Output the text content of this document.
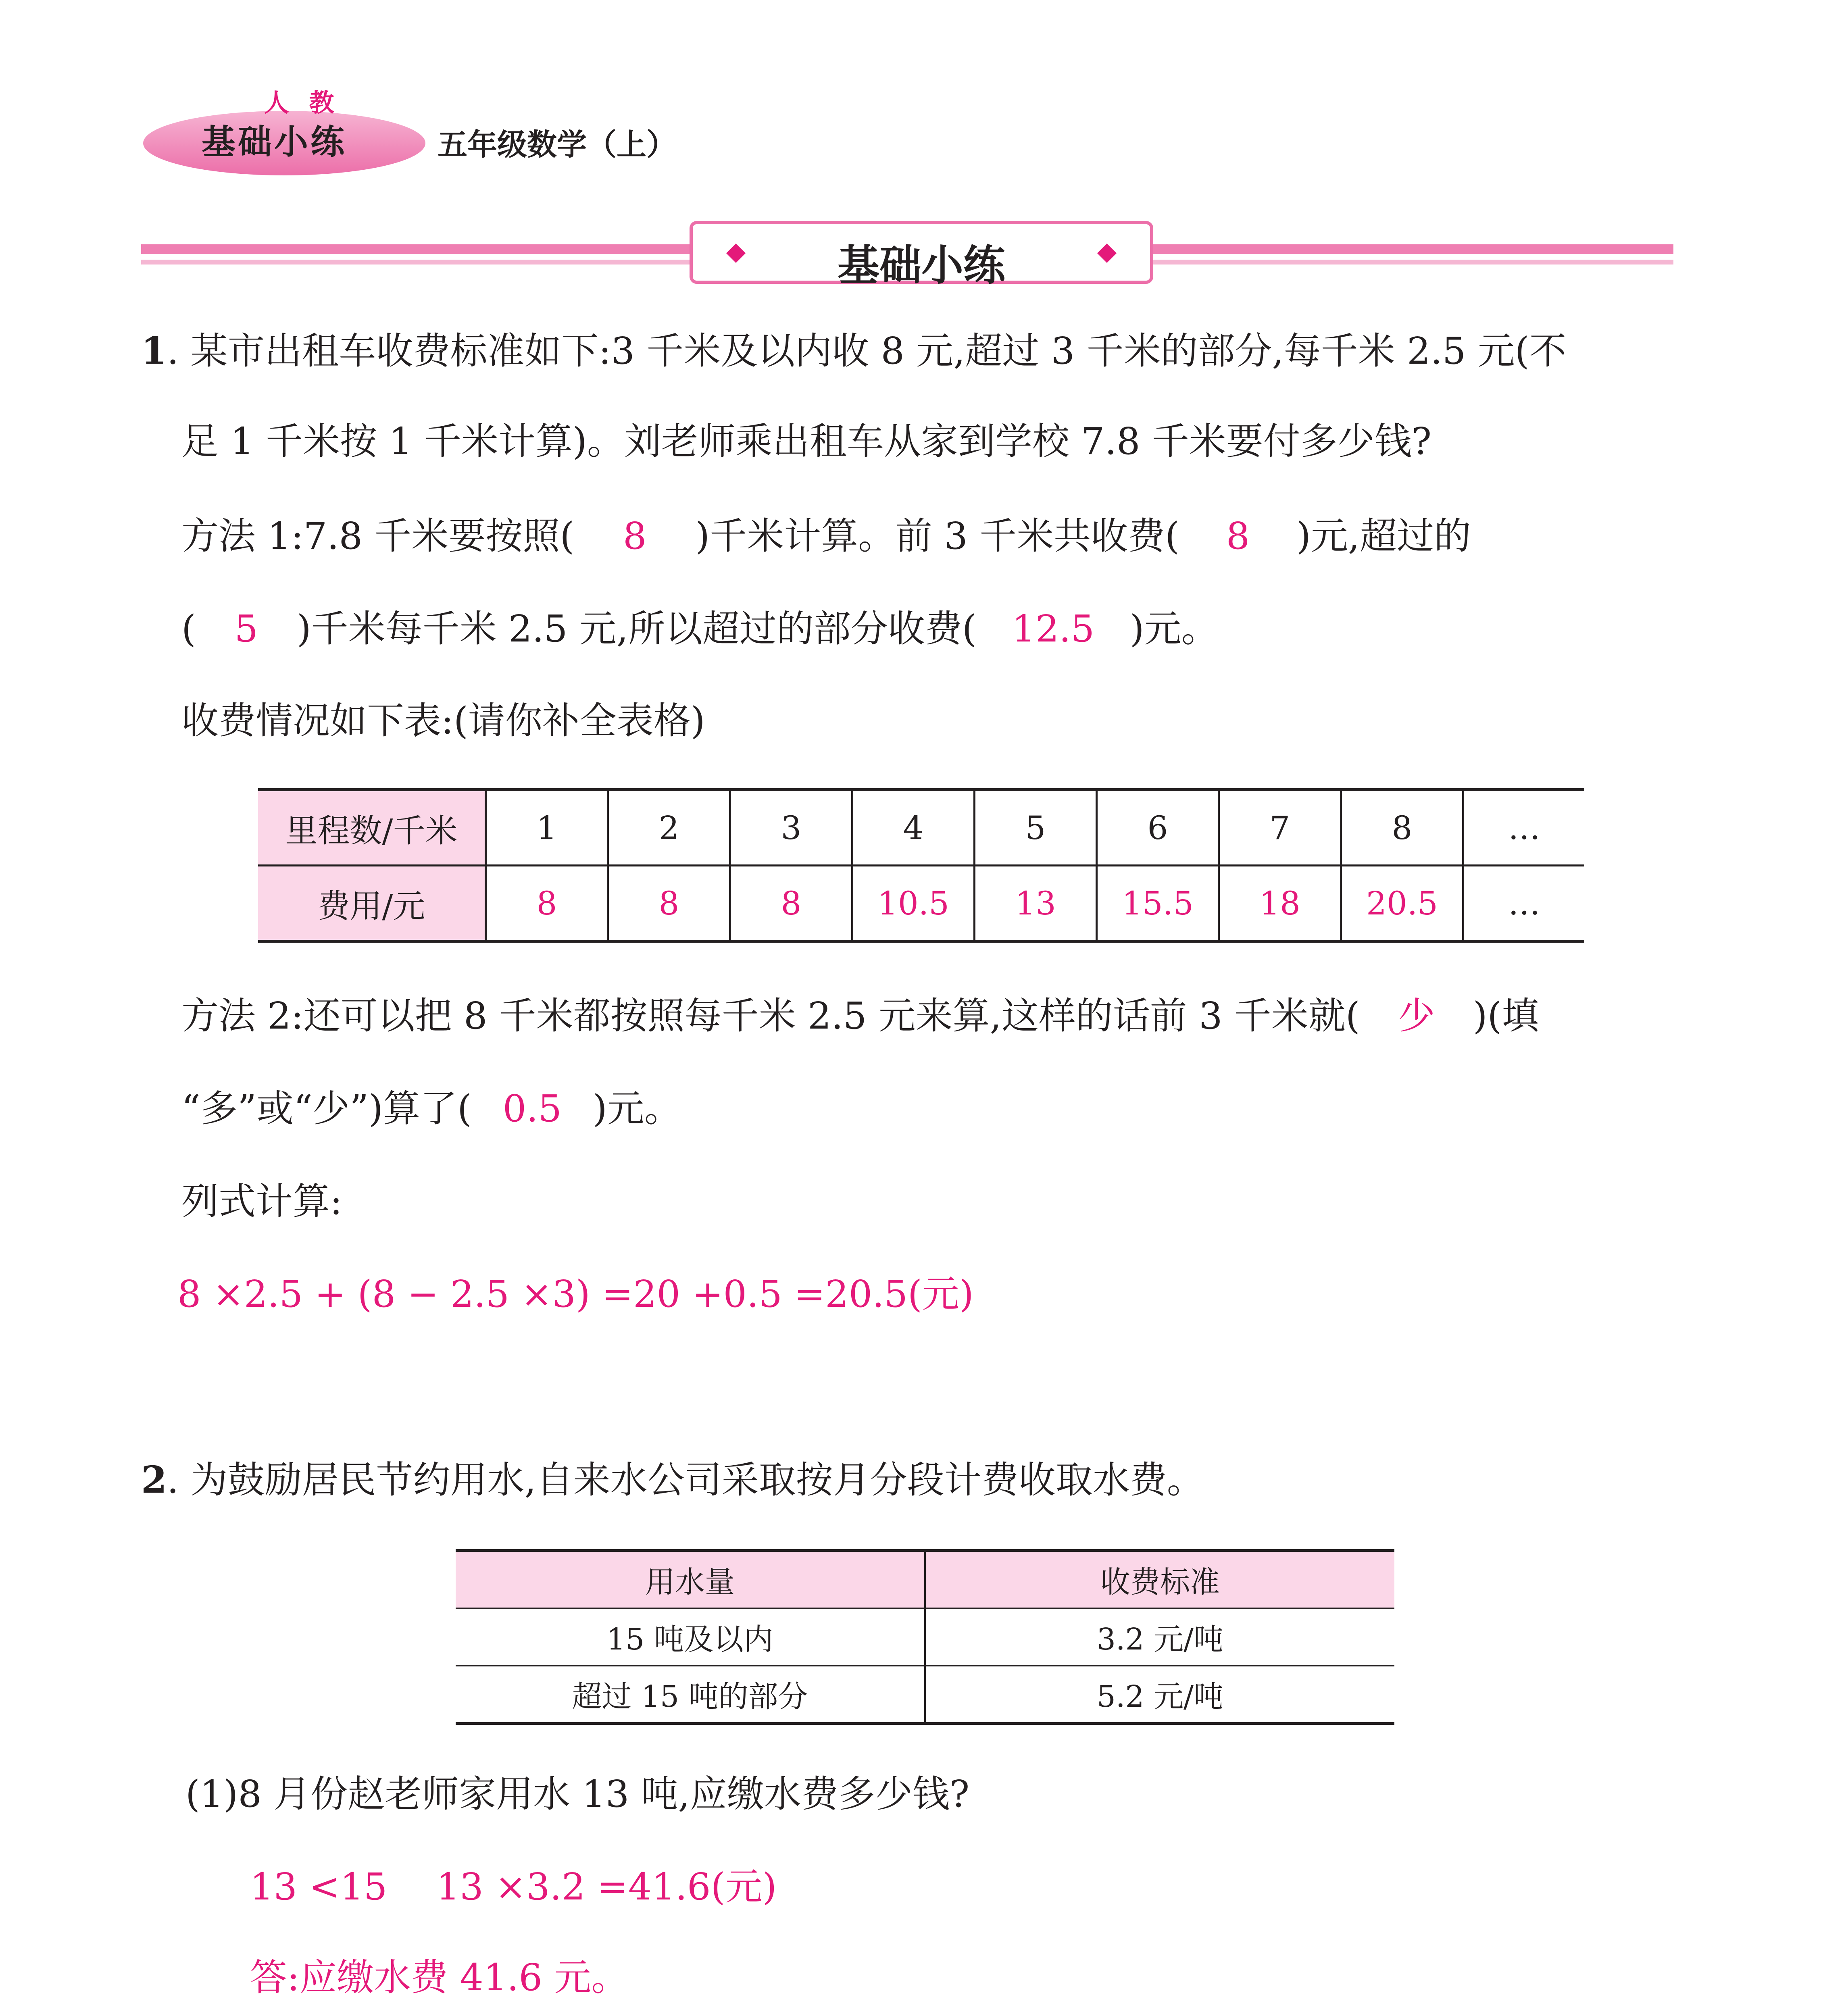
人 教
基础小练	五年级数学（上）
基础小练
1. 某市出租车收费标准如下:3 千米及以内收 8 元,超过 3 千米的部分,每千米 2.5 元(不
足 1 千米按 1 千米计算)。刘老师乘出租车从家到学校 7.8 千米要付多少钱?
方法 1:7.8 千米要按照( 8 )千米计算。前 3 千米共收费( 8 )元,超过的
( 5 )千米每千米 2.5 元,所以超过的部分收费( 12.5 )元。
收费情况如下表:(请你补全表格)
里程数/千米	1	2	3	4	5	6	7	8	…
费用/元	8	8	8	10.5	13	15.5	18	20.5	…
方法 2:还可以把 8 千米都按照每千米 2.5 元来算,这样的话前 3 千米就( 少 )(填
“多”或“少”)算了( 0.5 )元。
列式计算:
8 ×2.5 + (8 − 2.5 ×3) =20 +0.5 =20.5(元)
2. 为鼓励居民节约用水,自来水公司采取按月分段计费收取水费。
用水量	收费标准
15 吨及以内	3.2 元/吨
超过 15 吨的部分	5.2 元/吨
(1)8 月份赵老师家用水 13 吨,应缴水费多少钱?
13 <15　 13 ×3.2 =41.6(元)
答:应缴水费 41.6 元。
